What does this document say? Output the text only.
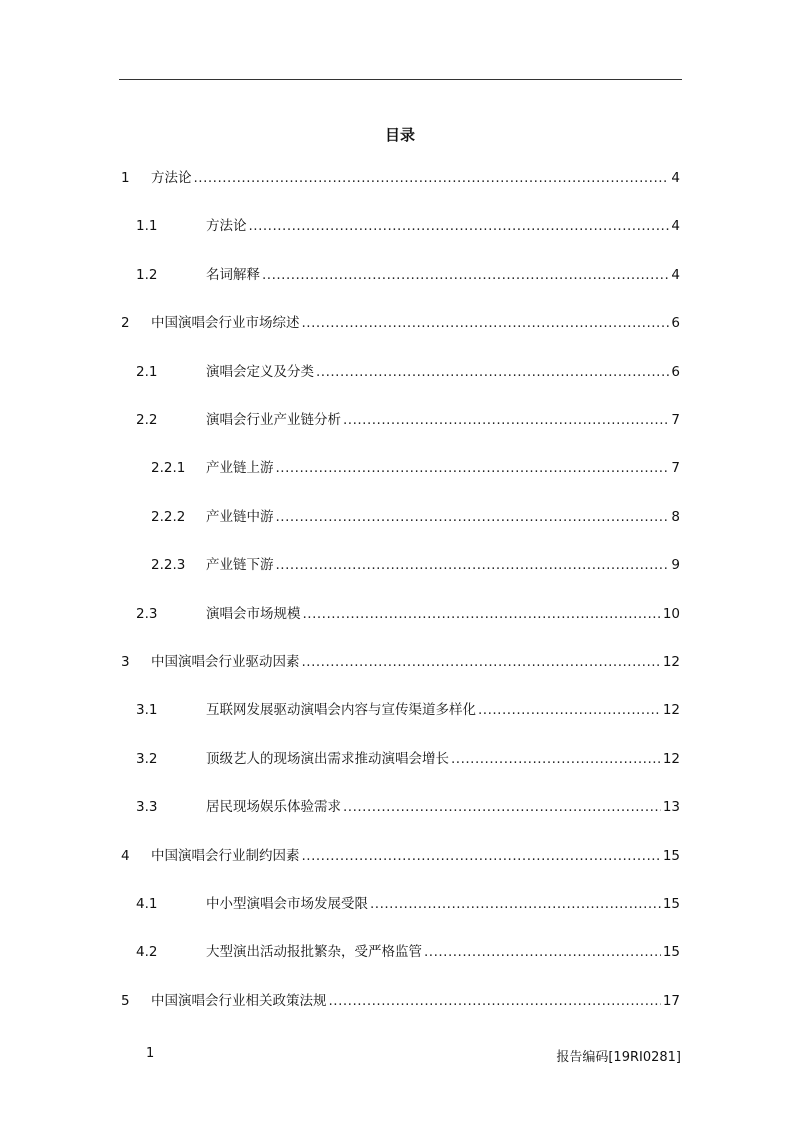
目录
1 方法论 .....	4
1.1	方法论 .....	4
1.2	名词解释 .....	4
2 中国演唱会行业市场综述 .....	6
2.1	演唱会定义及分类 .....	6
2.2	演唱会行业产业链分析 .....	7
2.2.1 产业链上游 .....	7
2.2.2 产业链中游 .....	8
2.2.3 产业链下游 .....	9
2.3	演唱会市场规模 .....	10
3 中国演唱会行业驱动因素 .....	12
3.1	互联网发展驱动演唱会内容与宣传渠道多样化 .....	12
3.2	顶级艺人的现场演出需求推动演唱会增长 .....	12
3.3	居民现场娱乐体验需求 .....	13
4 中国演唱会行业制约因素 .....	15
4.1	中小型演唱会市场发展受限 .....	15
4.2	大型演出活动报批繁杂，受严格监管 .....	15
5 中国演唱会行业相关政策法规 .....	17
1	报告编码[19RI0281]
